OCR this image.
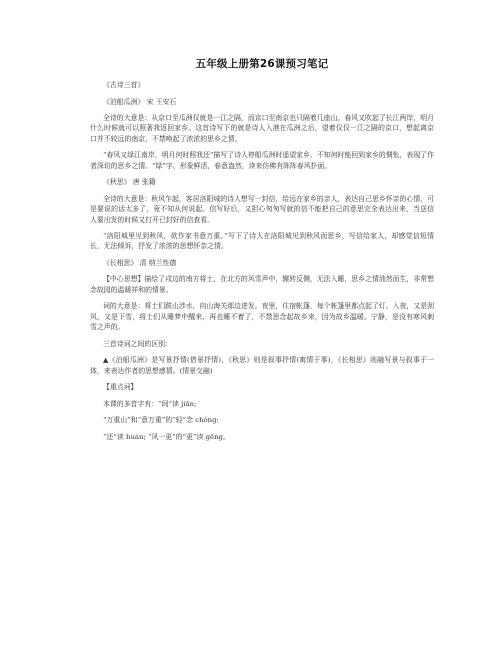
五年级上册第26课预习笔记

《古诗三首》

《泊船瓜洲》 宋 王安石

全诗的大意是：从京口至瓜洲仅就是一江之隔，而京口至南京也只隔着几座山。春风又吹起了长江两岸，明月什么时候就可以照著我返回家乡。这首诗写下的就是诗人入港在瓜洲之后，望着仅仅一江之隔的京口，想起离京口并不较远的南京，不禁唤起了浓浓的思乡之情。

“春风又绿江南岸，明月何时照我还”描写了诗人停船瓜洲时遥望家乡，不知何时能回到家乡的惆怅，表现了作者深切的思乡之情。“绿”字，形象鲜活，春意盎然，读来仿佛有阵阵春风扑面。

《秋思》 唐 张籍

全诗的大意是：秋风乍起，客居洛阳城的诗人想写一封信，给远在家乡的亲人，表达自己思乡怀亲的心情，可是要说的话太多了，竟不知从何说起。信写好后，又担心匆匆写就的信不能把自己的意思完全表达出来，当送信人要出发的时候又打开已封好的信查看。

“洛阳城里见到秋风，欲作家书意万重。”写下了诗人在洛阳城见到秋风而思乡，写信给家人，却感觉信短情长，无法倾诉，抒发了浓浓的思想怀亲之情。

《长相思》 清 纳兰性德

【中心思想】描绘了戍边的南方将士，在北方的风雪声中，辗转反侧，无法入睡，思乡之情油然而生，非常想念故园的温暖祥和的情景。

词的大意是：将士们跋山涉水，向山海关那边进发。夜里，住宿帐篷，每个帐篷里都点起了灯。入夜，又是刮风，又是下雪，将士们从睡梦中醒来，再也睡不着了，不禁思念起故乡来，因为故乡温暖、宁静，是没有寒风刺雪之声的。

三首诗词之间的区别：

▲《泊船瓜洲》是写景抒情(借景抒情)，《秋思》则是叙事抒情(寓情于事)，《长相思》则融写景与叙事于一体，来表达作者的思想感情。(情景交融)

【重点词】

本课的多音字有：“间”读 jiān;

“万重山”和“意万重”的“轻”念 chóng;

“还”读 huán; “风一更”的“更”读 gēng。
